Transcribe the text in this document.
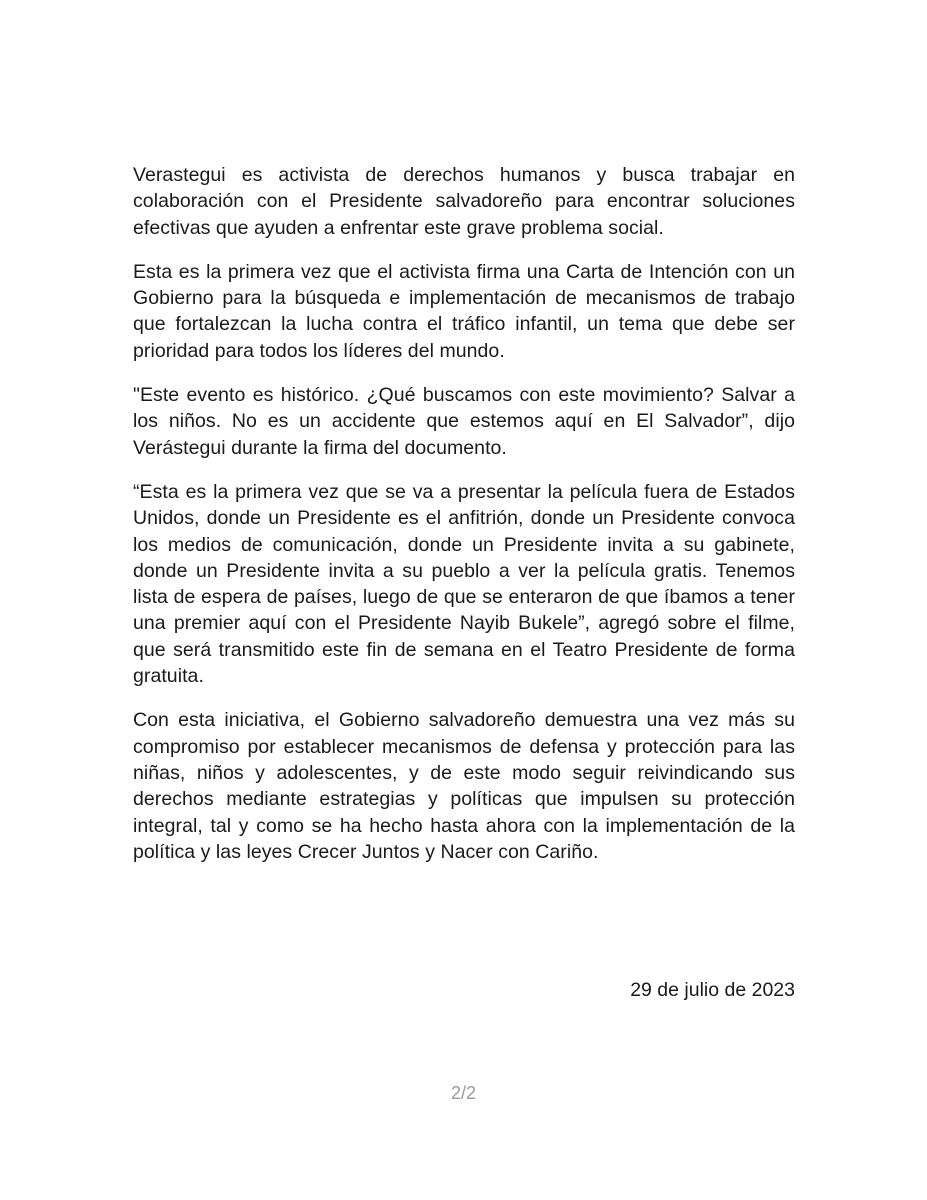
Verastegui es activista de derechos humanos y busca trabajar en colaboración con el Presidente salvadoreño para encontrar soluciones efectivas que ayuden a enfrentar este grave problema social.

Esta es la primera vez que el activista firma una Carta de Intención con un Gobierno para la búsqueda e implementación de mecanismos de trabajo que fortalezcan la lucha contra el tráfico infantil, un tema que debe ser prioridad para todos los líderes del mundo.

"Este evento es histórico. ¿Qué buscamos con este movimiento? Salvar a los niños. No es un accidente que estemos aquí en El Salvador”, dijo Verástegui durante la firma del documento.

“Esta es la primera vez que se va a presentar la película fuera de Estados Unidos, donde un Presidente es el anfitrión, donde un Presidente convoca los medios de comunicación, donde un Presidente invita a su gabinete, donde un Presidente invita a su pueblo a ver la película gratis. Tenemos lista de espera de países, luego de que se enteraron de que íbamos a tener una premier aquí con el Presidente Nayib Bukele”, agregó sobre el filme, que será transmitido este fin de semana en el Teatro Presidente de forma gratuita.

Con esta iniciativa, el Gobierno salvadoreño demuestra una vez más su compromiso por establecer mecanismos de defensa y protección para las niñas, niños y adolescentes, y de este modo seguir reivindicando sus derechos mediante estrategias y políticas que impulsen su protección integral, tal y como se ha hecho hasta ahora con la implementación de la política y las leyes Crecer Juntos y Nacer con Cariño.

29 de julio de 2023
2/2
